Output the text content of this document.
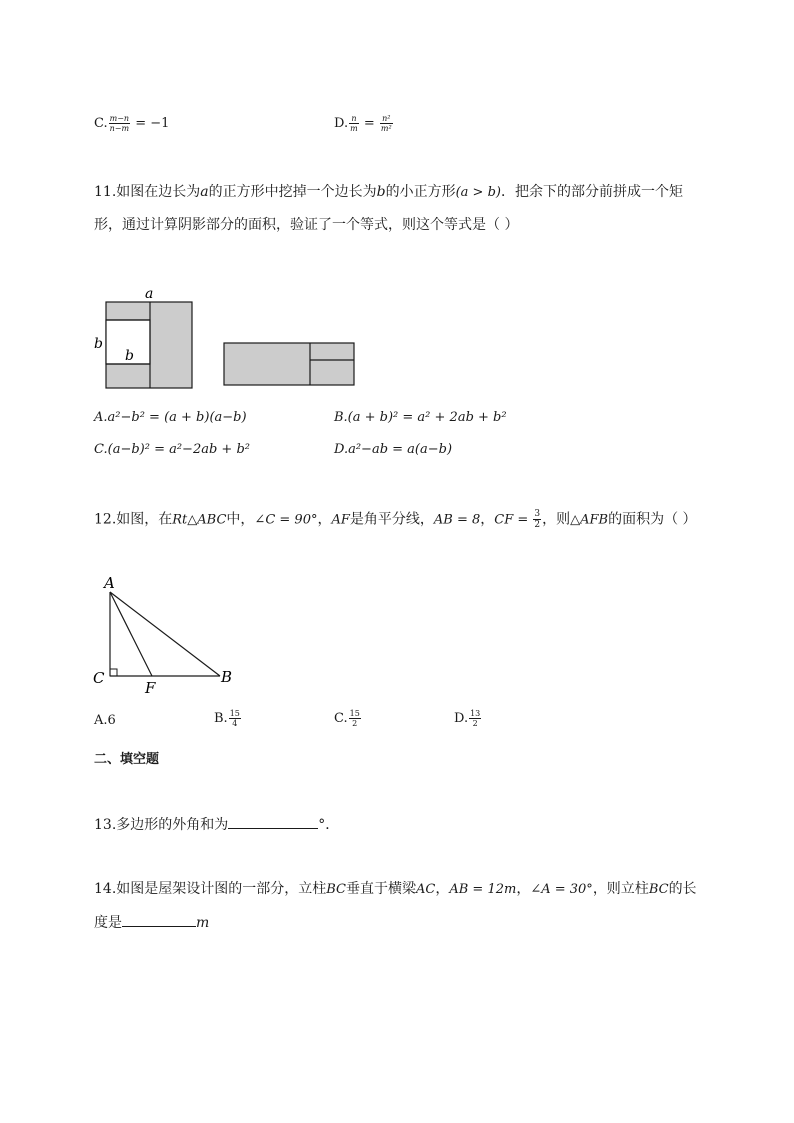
C. $\frac{m-n}{n-m} = -1$	D. $\frac{n}{m} = \frac{\text{n²}}{\text{m²}}$
11.如图在边长为a的正方形中挖掉一个边长为b的小正方形(a > b)．把余下的部分前拼成一个矩
形，通过计算阴影部分的面积，验证了一个等式，则这个等式是（ ）
a
b
b
A.a²−b² = (a + b)(a−b)	B.(a + b)² = a² + 2ab + b²
C.(a−b)² = a²−2ab + b²	D.a²−ab = a(a−b)
12.如图，在Rt△ABC中，∠C = 90°，AF是角平分线，AB = 8，CF = $\frac{3}{2}$ ，则△AFB的面积为（ ）
A
C
F
B
A.6	B. $\frac{15}{4}$	C. $\frac{15}{2}$	D. $\frac{13}{2}$
二、填空题
13.多边形的外角和为	°．
14.如图是屋架设计图的一部分，立柱BC垂直于横梁AC，AB = 12m，∠A = 30°，则立柱BC的长
度是	m
